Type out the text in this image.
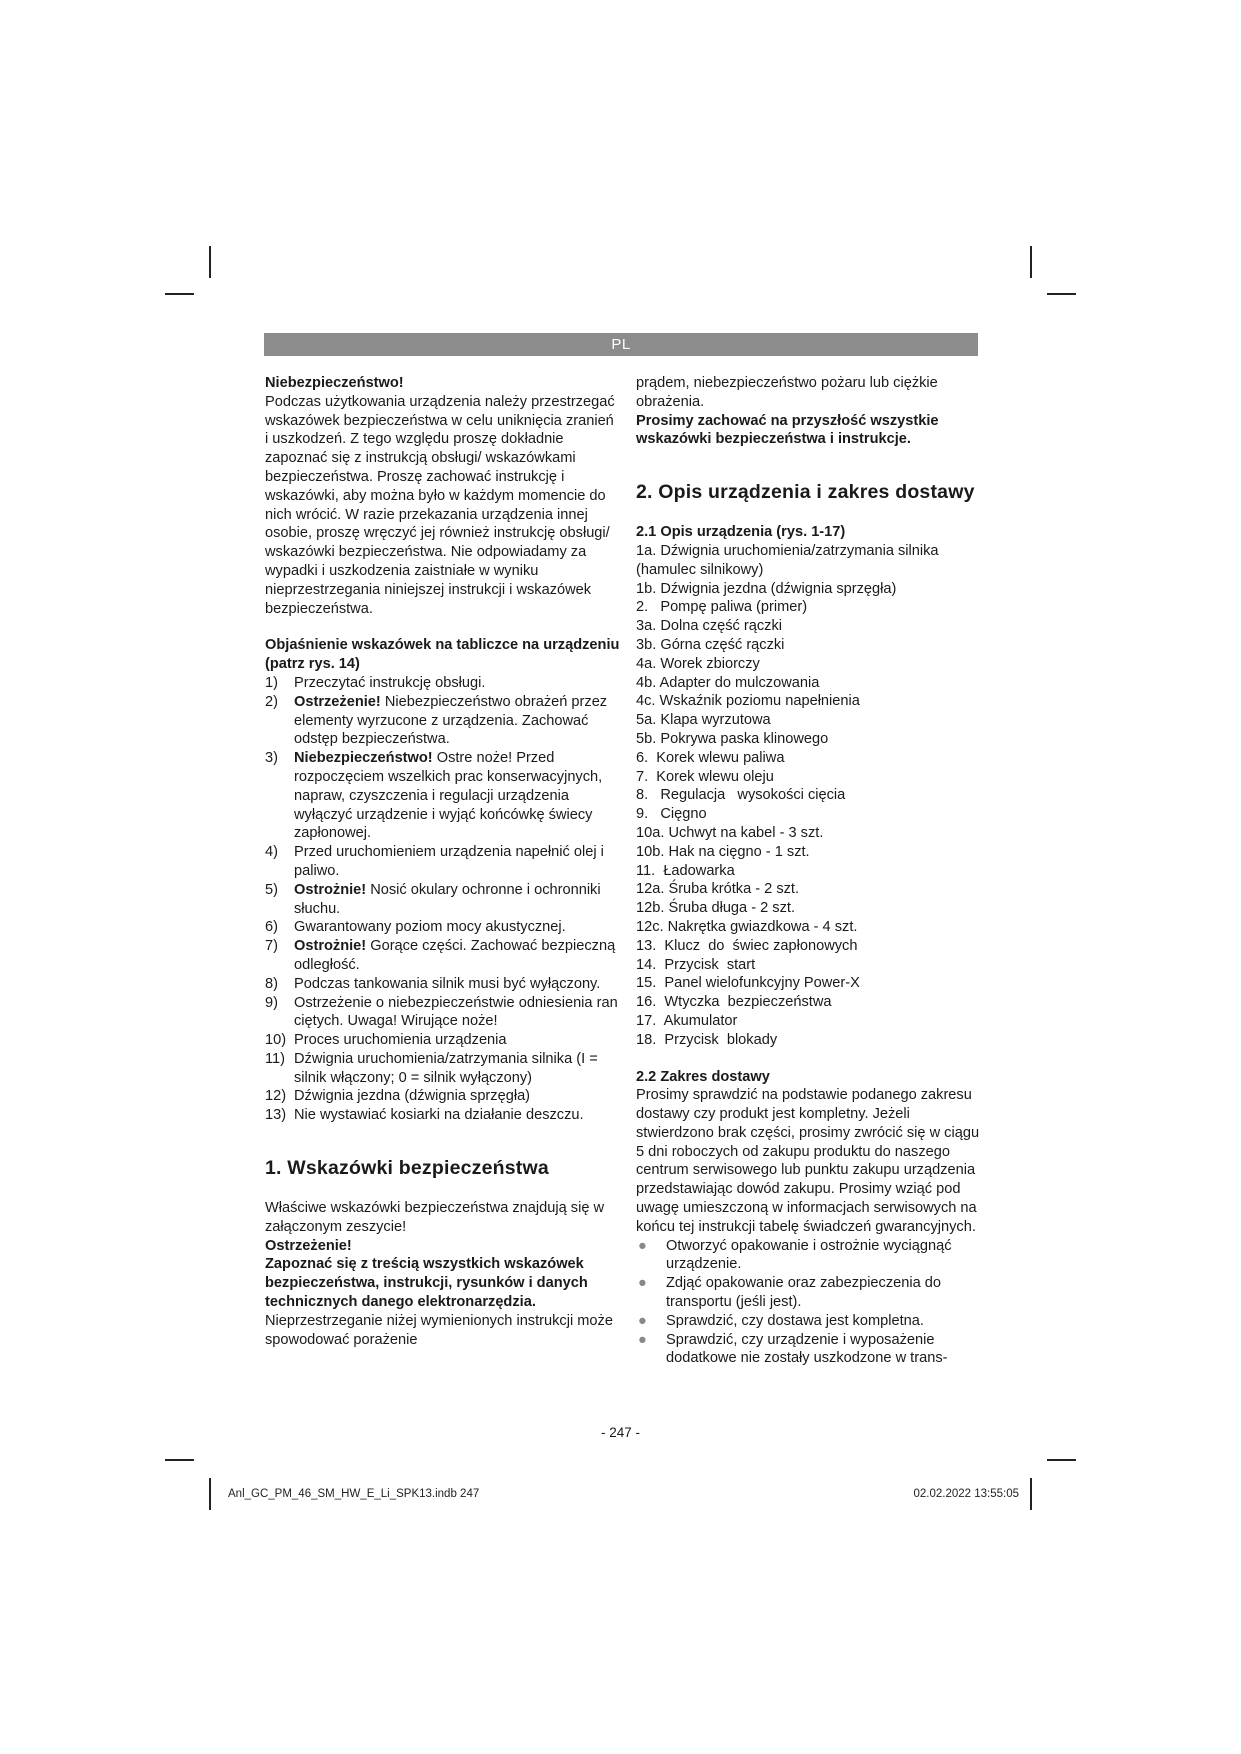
PL

Niebezpieczeństwo!

Podczas użytkowania urządzenia należy przestrzegać wskazówek bezpieczeństwa w celu uniknięcia zranień i uszkodzeń. Z tego względu proszę dokładnie zapoznać się z instrukcją obsługi/ wskazówkami bezpieczeństwa. Proszę zachować instrukcję i wskazówki, aby można było w każdym momencie do nich wrócić. W razie przekazania urządzenia innej osobie, proszę wręczyć jej również instrukcję obsługi/ wskazówki bezpieczeństwa. Nie odpowiadamy za wypadki i uszkodzenia zaistniałe w wyniku nieprzestrzegania niniejszej instrukcji i wskazówek bezpieczeństwa.

Objaśnienie wskazówek na tabliczce na urządzeniu (patrz rys. 14)
1) Przeczytać instrukcję obsługi.
2) Ostrzeżenie! Niebezpieczeństwo obrażeń przez elementy wyrzucone z urządzenia. Zachować odstęp bezpieczeństwa.
3) Niebezpieczeństwo! Ostre noże! Przed rozpoczęciem wszelkich prac konserwacyjnych, napraw, czyszczenia i regulacji urządzenia wyłączyć urządzenie i wyjąć końcówkę świecy zapłonowej.
4) Przed uruchomieniem urządzenia napełnić olej i paliwo.
5) Ostrożnie! Nosić okulary ochronne i ochronniki słuchu.
6) Gwarantowany poziom mocy akustycznej.
7) Ostrożnie! Gorące części. Zachować bezpieczną odległość.
8) Podczas tankowania silnik musi być wyłączony.
9) Ostrzeżenie o niebezpieczeństwie odniesienia ran ciętych. Uwaga! Wirujące noże!
10) Proces uruchomienia urządzenia
11) Dźwignia uruchomienia/zatrzymania silnika (I = silnik włączony; 0 = silnik wyłączony)
12) Dźwignia jezdna (dźwignia sprzęgła)
13) Nie wystawiać kosiarki na działanie deszczu.
1. Wskazówki bezpieczeństwa

Właściwe wskazówki bezpieczeństwa znajdują się w załączonym zeszycie!

Ostrzeżenie!

Zapoznać się z treścią wszystkich wskazówek bezpieczeństwa, instrukcji, rysunków i danych technicznych danego elektronarzędzia. Nieprzestrzeganie niżej wymienionych instrukcji może spowodować porażenie

prądem, niebezpieczeństwo pożaru lub ciężkie obrażenia.

Prosimy zachować na przyszłość wszystkie wskazówki bezpieczeństwa i instrukcje.

2. Opis urządzenia i zakres dostawy
2.1 Opis urządzenia (rys. 1-17)

1a. Dźwignia uruchomienia/zatrzymania silnika (hamulec silnikowy)

1b. Dźwignia jezdna (dźwignia sprzęgła)

2.   Pompę paliwa (primer)

3a. Dolna część rączki

3b. Górna część rączki

4a. Worek zbiorczy

4b. Adapter do mulczowania

4c. Wskaźnik poziomu napełnienia

5a. Klapa wyrzutowa

5b. Pokrywa paska klinowego

6.  Korek wlewu paliwa

7.  Korek wlewu oleju

8.   Regulacja   wysokości cięcia

9.   Cięgno

10a. Uchwyt na kabel - 3 szt.

10b. Hak na cięgno - 1 szt.

11.  Ładowarka

12a. Śruba krótka - 2 szt.

12b. Śruba długa - 2 szt.

12c. Nakrętka gwiazdkowa - 4 szt.

13.  Klucz  do  świec zapłonowych

14.  Przycisk  start

15.  Panel wielofunkcyjny Power-X

16.  Wtyczka  bezpieczeństwa

17.  Akumulator

18.  Przycisk  blokady

2.2 Zakres dostawy

Prosimy sprawdzić na podstawie podanego zakresu dostawy czy produkt jest kompletny. Jeżeli stwierdzono brak części, prosimy zwrócić się w ciągu 5 dni roboczych od zakupu produktu do naszego centrum serwisowego lub punktu zakupu urządzenia przedstawiając dowód zakupu. Prosimy wziąć pod uwagę umieszczoną w informacjach serwisowych na końcu tej instrukcji tabelę świadczeń gwarancyjnych.

● Otworzyć opakowanie i ostrożnie wyciągnąć urządzenie.

● Zdjąć opakowanie oraz zabezpieczenia do transportu (jeśli jest).

● Sprawdzić, czy dostawa jest kompletna.

● Sprawdzić, czy urządzenie i wyposażenie dodatkowe nie zostały uszkodzone w trans-

- 247 -
Anl_GC_PM_46_SM_HW_E_Li_SPK13.indb 247	02.02.2022 13:55:05
